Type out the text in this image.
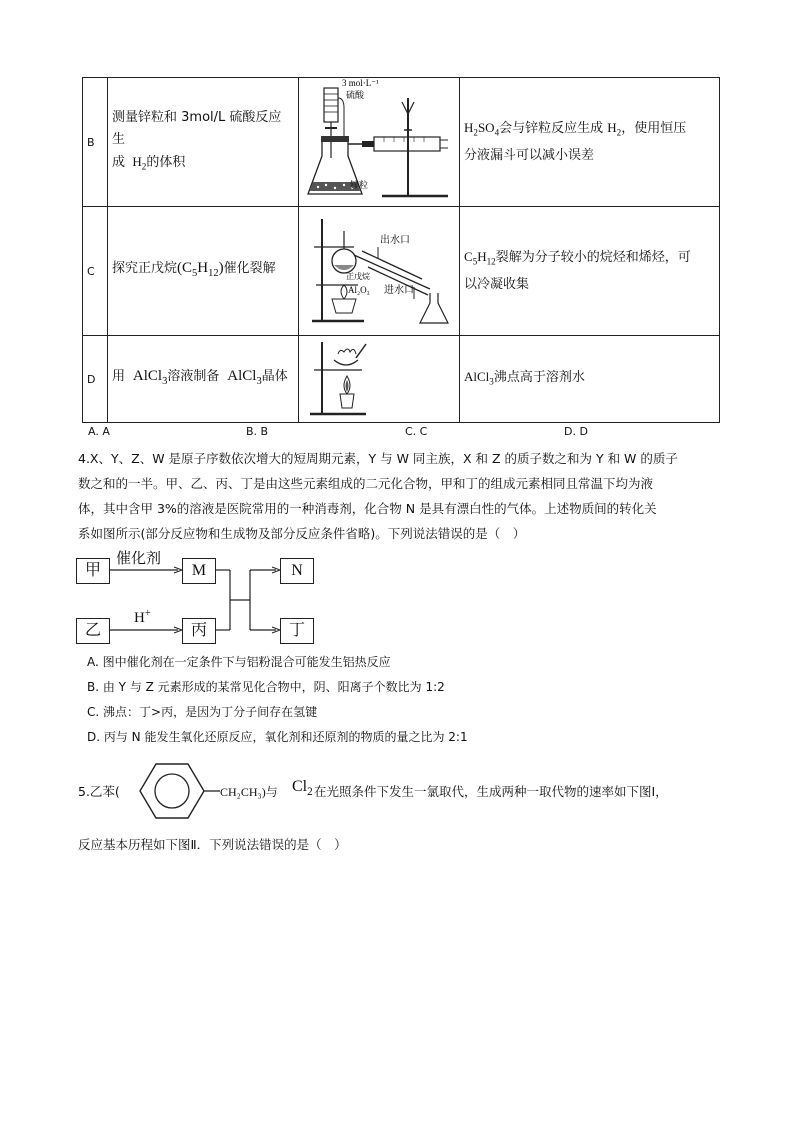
B	测量锌粒和 3mol/L 硫酸反应生
成 $H_2$的体积	3 mol·L⁻¹
硫酸
锌粒	$H_2SO_4$会与锌粒反应生成 $H_2$，使用恒压
分液漏斗可以减小误差
C	探究正戊烷$(C_5H_{12})$催化裂解	出水口
正戊烷
Al₂O₃ 进水口	$C_5H_{12}$裂解为分子较小的烷烃和烯烃，可
以冷凝收集
D	用 AlCl$_3$溶液制备 AlCl$_3$晶体		AlCl$_3$沸点高于溶剂水
A. A	B. B	C. C	D. D
4.X、Y、Z、W 是原子序数依次增大的短周期元素，Y 与 W 同主族，X 和 Z 的质子数之和为 Y 和 W 的质子
数之和的一半。甲、乙、丙、丁是由这些元素组成的二元化合物，甲和丁的组成元素相同且常温下均为液
体，其中含甲 3%的溶液是医院常用的一种消毒剂，化合物 N 是具有漂白性的气体。上述物质间的转化关
系如图所示(部分反应物和生成物及部分反应条件省略)。下列说法错误的是（　）
甲	M	N
乙	丙	丁
催化剂
H+
A. 图中催化剂在一定条件下与铝粉混合可能发生铝热反应
B. 由 Y 与 Z 元素形成的某常见化合物中，阴、阳离子个数比为 1:2
C. 沸点：丁>丙，是因为丁分子间存在氢键
D. 丙与 N 能发生氧化还原反应，氧化剂和还原剂的物质的量之比为 2:1
5.乙苯(	CH₂CH₃)与 $Cl_2$ 在光照条件下发生一氯取代，生成两种一取代物的速率如下图Ⅰ，
反应基本历程如下图Ⅱ．下列说法错误的是（　）
